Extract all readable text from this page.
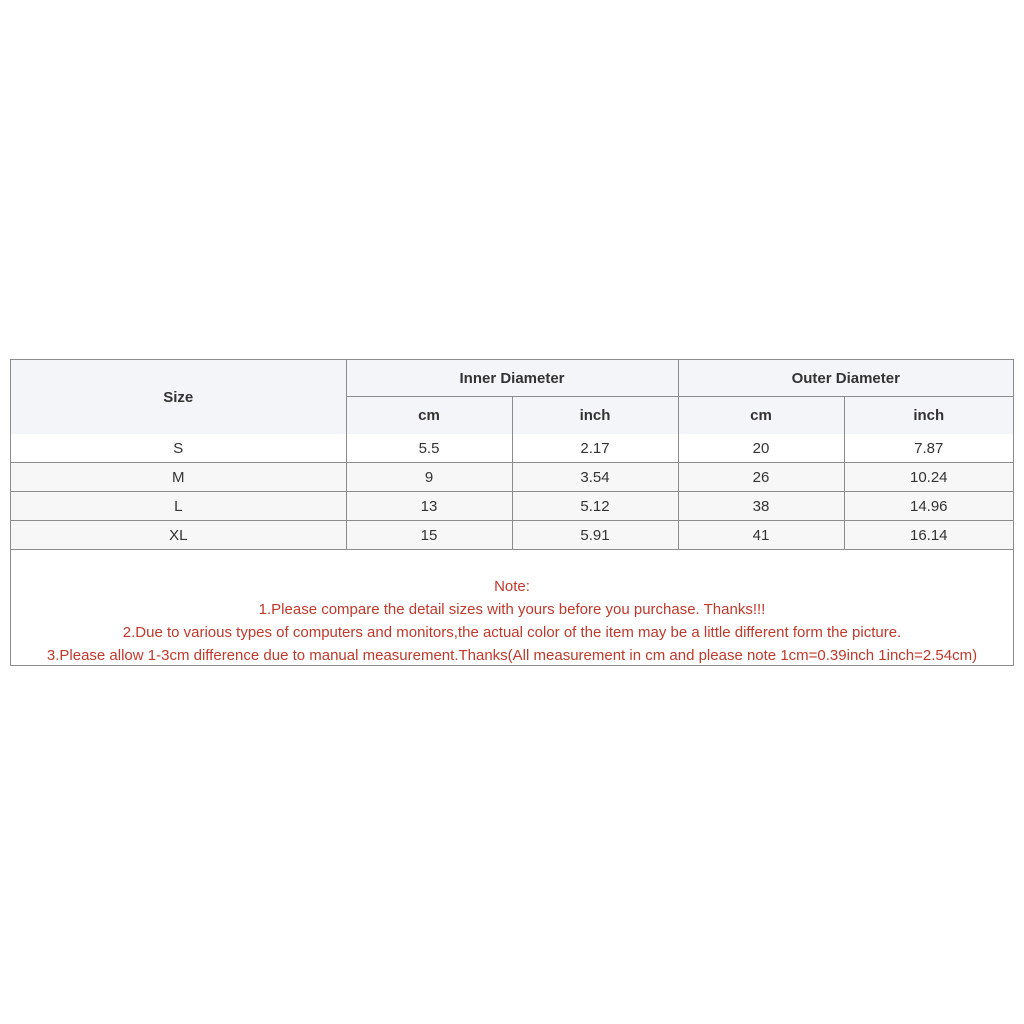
Size	Inner Diameter		Outer Diameter	
	cm	inch	cm	inch
S	5.5	2.17	20	7.87
M	9	3.54	26	10.24
L	13	5.12	38	14.96
XL	15	5.91	41	16.14
Note:
1.Please compare the detail sizes with yours before you purchase. Thanks!!!
2.Due to various types of computers and monitors,the actual color of the item may be a little different form the picture.
3.Please allow 1-3cm difference due to manual measurement.Thanks(All measurement in cm and please note 1cm=0.39inch 1inch=2.54cm)
